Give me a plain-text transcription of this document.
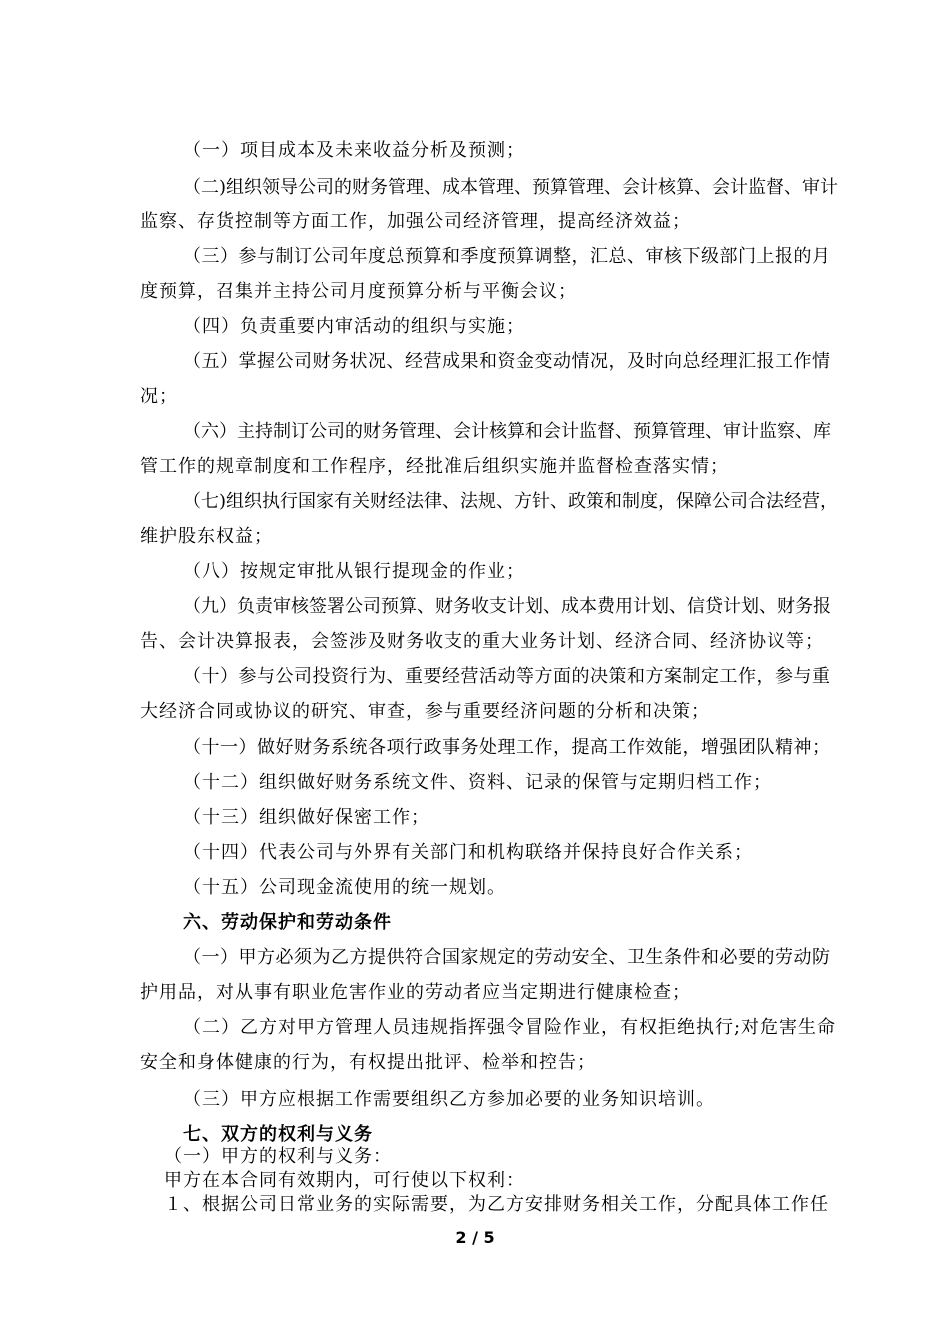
（一）项目成本及未来收益分析及预测；
（二)组织领导公司的财务管理、成本管理、预算管理、会计核算、会计监督、审计
监察、存货控制等方面工作，加强公司经济管理，提高经济效益；
（三）参与制订公司年度总预算和季度预算调整，汇总、审核下级部门上报的月
度预算，召集并主持公司月度预算分析与平衡会议；
（四）负责重要内审活动的组织与实施；
（五）掌握公司财务状况、经营成果和资金变动情况，及时向总经理汇报工作情
况；
（六）主持制订公司的财务管理、会计核算和会计监督、预算管理、审计监察、库
管工作的规章制度和工作程序，经批准后组织实施并监督检查落实情；
（七)组织执行国家有关财经法律、法规、方针、政策和制度，保障公司合法经营，
维护股东权益；
（八）按规定审批从银行提现金的作业；
（九）负责审核签署公司预算、财务收支计划、成本费用计划、信贷计划、财务报
告、会计决算报表，会签涉及财务收支的重大业务计划、经济合同、经济协议等；
（十）参与公司投资行为、重要经营活动等方面的决策和方案制定工作，参与重
大经济合同或协议的研究、审查，参与重要经济问题的分析和决策；
（十一）做好财务系统各项行政事务处理工作，提高工作效能，增强团队精神；
（十二）组织做好财务系统文件、资料、记录的保管与定期归档工作；
（十三）组织做好保密工作；
（十四）代表公司与外界有关部门和机构联络并保持良好合作关系；
（十五）公司现金流使用的统一规划。
六、劳动保护和劳动条件
（一）甲方必须为乙方提供符合国家规定的劳动安全、卫生条件和必要的劳动防
护用品，对从事有职业危害作业的劳动者应当定期进行健康检查；
（二）乙方对甲方管理人员违规指挥强令冒险作业，有权拒绝执行;对危害生命
安全和身体健康的行为，有权提出批评、检举和控告；
（三）甲方应根据工作需要组织乙方参加必要的业务知识培训。
七、双方的权利与义务
（一）甲方的权利与义务：
甲方在本合同有效期内，可行使以下权利：
１、根据公司日常业务的实际需要，为乙方安排财务相关工作，分配具体工作任
2 / 5
